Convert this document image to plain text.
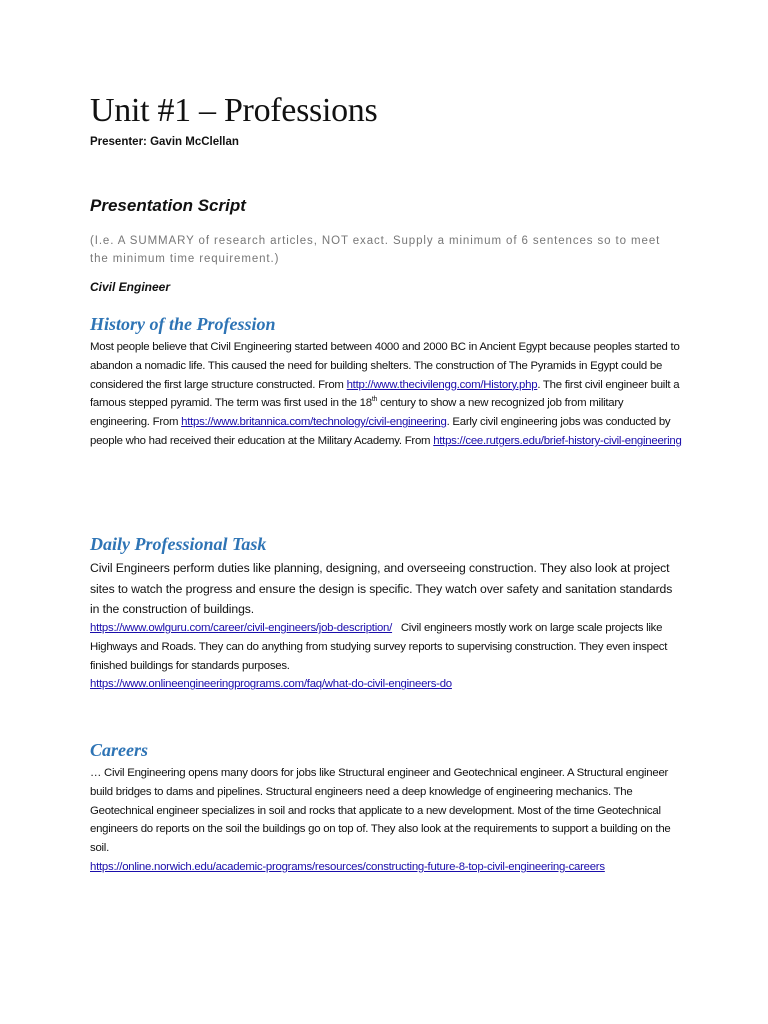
Unit #1 – Professions
Presenter: Gavin McClellan
Presentation Script

(I.e. A SUMMARY of research articles, NOT exact. Supply a minimum of 6 sentences so to meet the minimum time requirement.)

Civil Engineer
History of the Profession

Most people believe that Civil Engineering started between 4000 and 2000 BC in Ancient Egypt because peoples started to abandon a nomadic life. This caused the need for building shelters. The construction of The Pyramids in Egypt could be considered the first large structure constructed. From http://www.thecivilengg.com/History.php. The first civil engineer built a famous stepped pyramid. The term was first used in the 18th century to show a new recognized job from military engineering. From https://www.britannica.com/technology/civil-engineering. Early civil engineering jobs was conducted by people who had received their education at the Military Academy. From https://cee.rutgers.edu/brief-history-civil-engineering

Daily Professional Task

Civil Engineers perform duties like planning, designing, and overseeing construction. They also look at project sites to watch the progress and ensure the design is specific. They watch over safety and sanitation standards in the construction of buildings.

https://www.owlguru.com/career/civil-engineers/job-description/ Civil engineers mostly work on large scale projects like Highways and Roads. They can do anything from studying survey reports to supervising construction. They even inspect finished buildings for standards purposes.
https://www.onlineengineeringprograms.com/faq/what-do-civil-engineers-do

Careers

… Civil Engineering opens many doors for jobs like Structural engineer and Geotechnical engineer. A Structural engineer build bridges to dams and pipelines. Structural engineers need a deep knowledge of engineering mechanics. The Geotechnical engineer specializes in soil and rocks that applicate to a new development. Most of the time Geotechnical engineers do reports on the soil the buildings go on top of. They also look at the requirements to support a building on the soil.
https://online.norwich.edu/academic-programs/resources/constructing-future-8-top-civil-engineering-careers
